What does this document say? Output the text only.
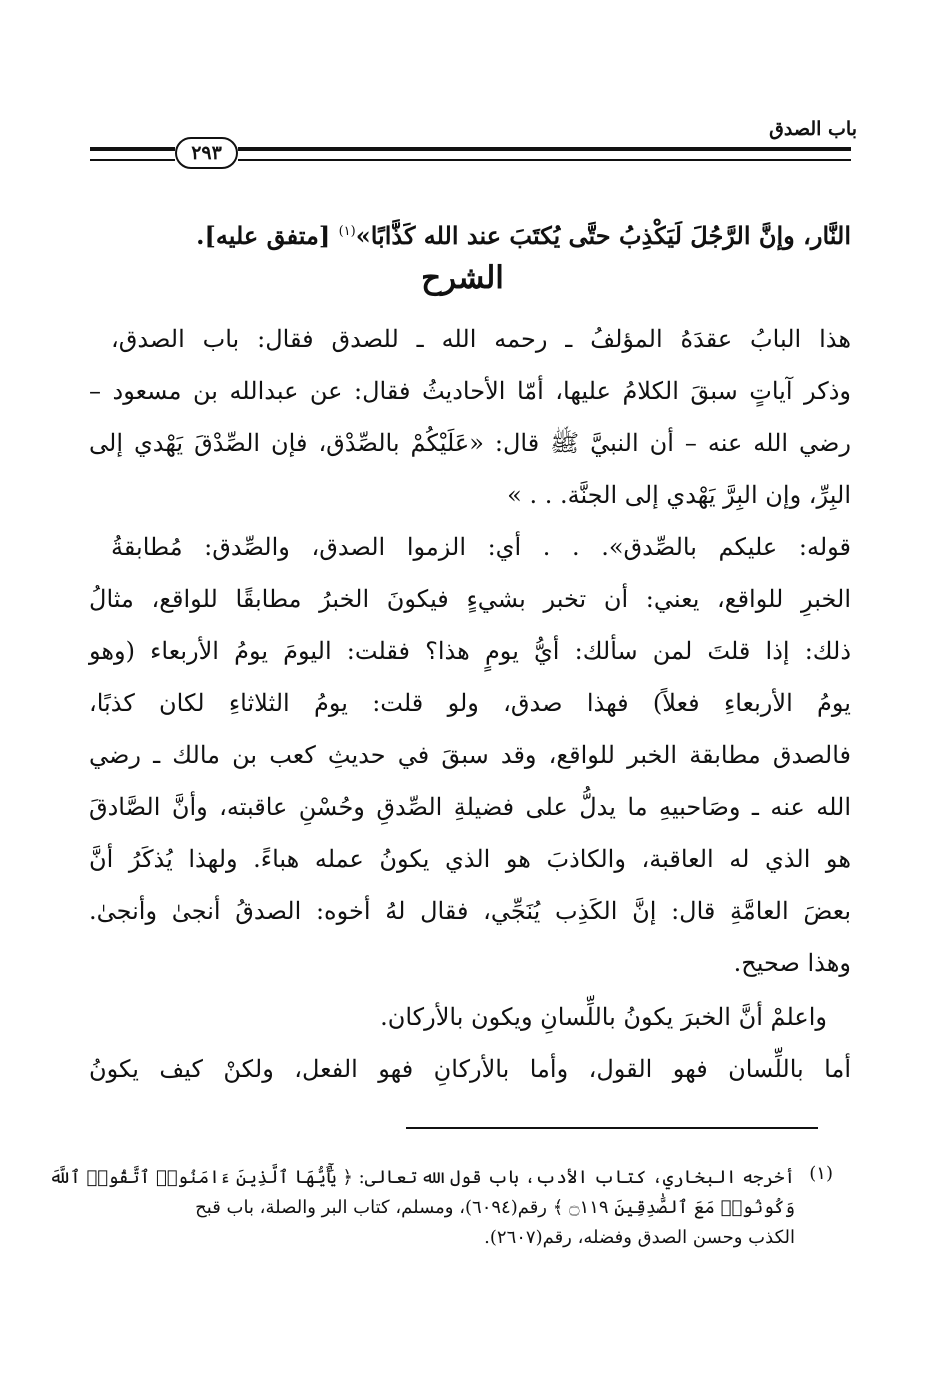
باب الصدق
٢٩٣
النَّار، وإنَّ الرَّجُلَ لَيَكْذِبُ حتَّى يُكتَبَ عند الله كَذَّابًا»$^{(١)}$ [متفق عليه].
الشرح
هذا البابُ عقدَهُ المؤلفُ ـ رحمه الله ـ للصدق فقال: باب الصدق،
وذكر آياتٍ سبقَ الكلامُ عليها، أمّا الأحاديثُ فقال: عن عبدالله بن مسعود –
رضي الله عنه – أن النبيَّ ﷺ قال: «عَلَيْكُمْ بالصِّدْق، فإن الصِّدْقَ يَهْدي إلى
البِرِّ، وإن البِرَّ يَهْدي إلى الجنَّة. . . »
قوله: عليكم بالصِّدق». . . أي: الزموا الصدق، والصِّدق: مُطابقةُ
الخبرِ للواقع، يعني: أن تخبر بشيءٍ فيكونَ الخبرُ مطابقًا للواقع، مثالُ
ذلك: إذا قلتَ لمن سألك: أيُّ يومٍ هذا؟ فقلت: اليومَ يومُ الأربعاء (وهو
يومُ الأربعاءِ فعلاً) فهذا صدق، ولو قلت: يومُ الثلاثاءِ لكان كذبًا،
فالصدق مطابقة الخبر للواقع، وقد سبقَ في حديثِ كعب بن مالك ـ رضي
الله عنه ـ وصَاحبيهِ ما يدلُّ على فضيلةِ الصِّدقِ وحُسْنِ عاقبته، وأنَّ الصَّادقَ
هو الذي له العاقبة، والكاذبَ هو الذي يكونُ عمله هباءً. ولهذا يُذكَرُ أنَّ
بعضَ العامَّةِ قال: إنَّ الكَذِب يُنَجِّي، فقال لهُ أخوه: الصدقُ أنجىٰ وأنجىٰ.
وهذا صحيح.
واعلمْ أنَّ الخبرَ يكونُ باللِّسانِ ويكون بالأركان.
أما باللِّسان فهو القول، وأما بالأركانِ فهو الفعل، ولكنْ كيف يكونُ
(١)
أخرجه البخاري، كتاب الأدب، باب قول الله تعالى: ﴿ يَٰٓأَيُّهَا ٱلَّذِينَ ءَامَنُوا۟ ٱتَّقُوا۟ ٱللَّهَ
وَكُونُوا۟ مَعَ ٱلصَّٰدِقِينَ ۝١١٩ ﴾ رقم(٦٠٩٤)، ومسلم، كتاب البر والصلة، باب قبح
الكذب وحسن الصدق وفضله، رقم(٢٦٠٧).
